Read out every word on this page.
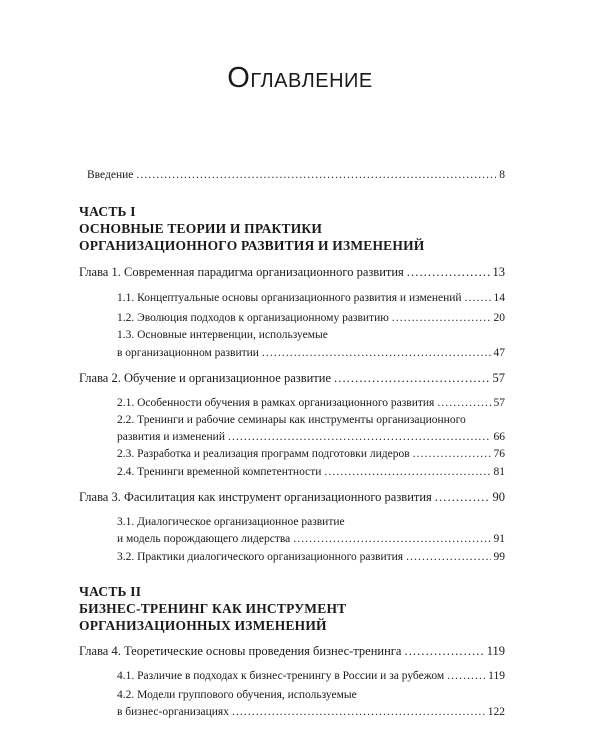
Оглавление
Введение .....	8
ЧАСТЬ I
ОСНОВНЫЕ ТЕОРИИ И ПРАКТИКИ
ОРГАНИЗАЦИОННОГО РАЗВИТИЯ И ИЗМЕНЕНИЙ
Глава 1. Современная парадигма организационного развития .....	13
1.1. Концептуальные основы организационного развития и изменений .....	14
1.2. Эволюция подходов к организационному развитию .....	20
1.3. Основные интервенции, используемые
в организационном развитии .....	47
Глава 2. Обучение и организационное развитие .....	57
2.1. Особенности обучения в рамках организационного развития .....	57
2.2. Тренинги и рабочие семинары как инструменты организационного
развития и изменений .....	66
2.3. Разработка и реализация программ подготовки лидеров .....	76
2.4. Тренинги временной компетентности .....	81
Глава 3. Фасилитация как инструмент организационного развития .....	90
3.1. Диалогическое организационное развитие
и модель порождающего лидерства .....	91
3.2. Практики диалогического организационного развития .....	99
ЧАСТЬ II
БИЗНЕС-ТРЕНИНГ КАК ИНСТРУМЕНТ
ОРГАНИЗАЦИОННЫХ ИЗМЕНЕНИЙ
Глава 4. Теоретические основы проведения бизнес-тренинга .....	119
4.1. Различие в подходах к бизнес-тренингу в России и за рубежом .....	119
4.2. Модели группового обучения, используемые
в бизнес-организациях .....	122
